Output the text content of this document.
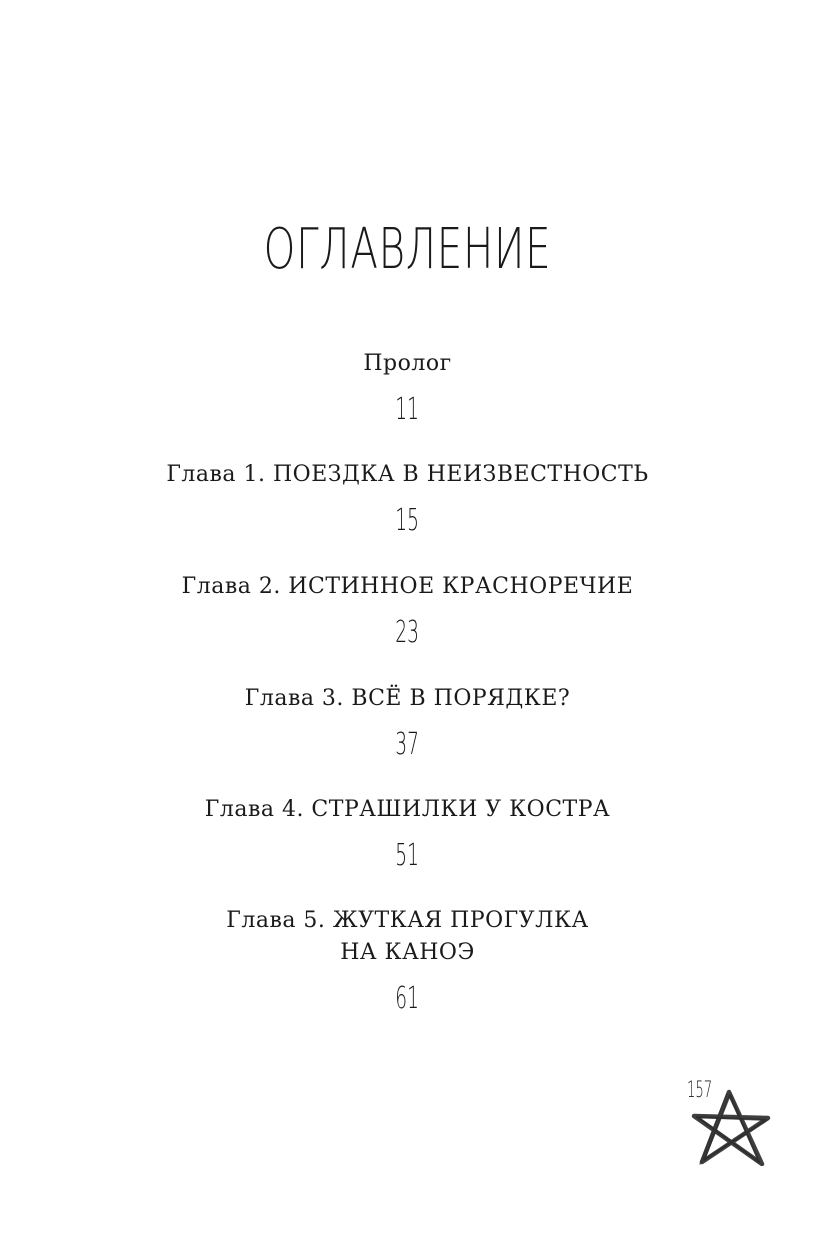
ОГЛАВЛЕНИЕ
Пролог
11
Глава 1. ПОЕЗДКА В НЕИЗВЕСТНОСТЬ
15
Глава 2. ИСТИННОЕ КРАСНОРЕЧИЕ
23
Глава 3. ВСЁ В ПОРЯДКЕ?
37
Глава 4. СТРАШИЛКИ У КОСТРА
51
Глава 5. ЖУТКАЯ ПРОГУЛКА
НА КАНОЭ
61
157
